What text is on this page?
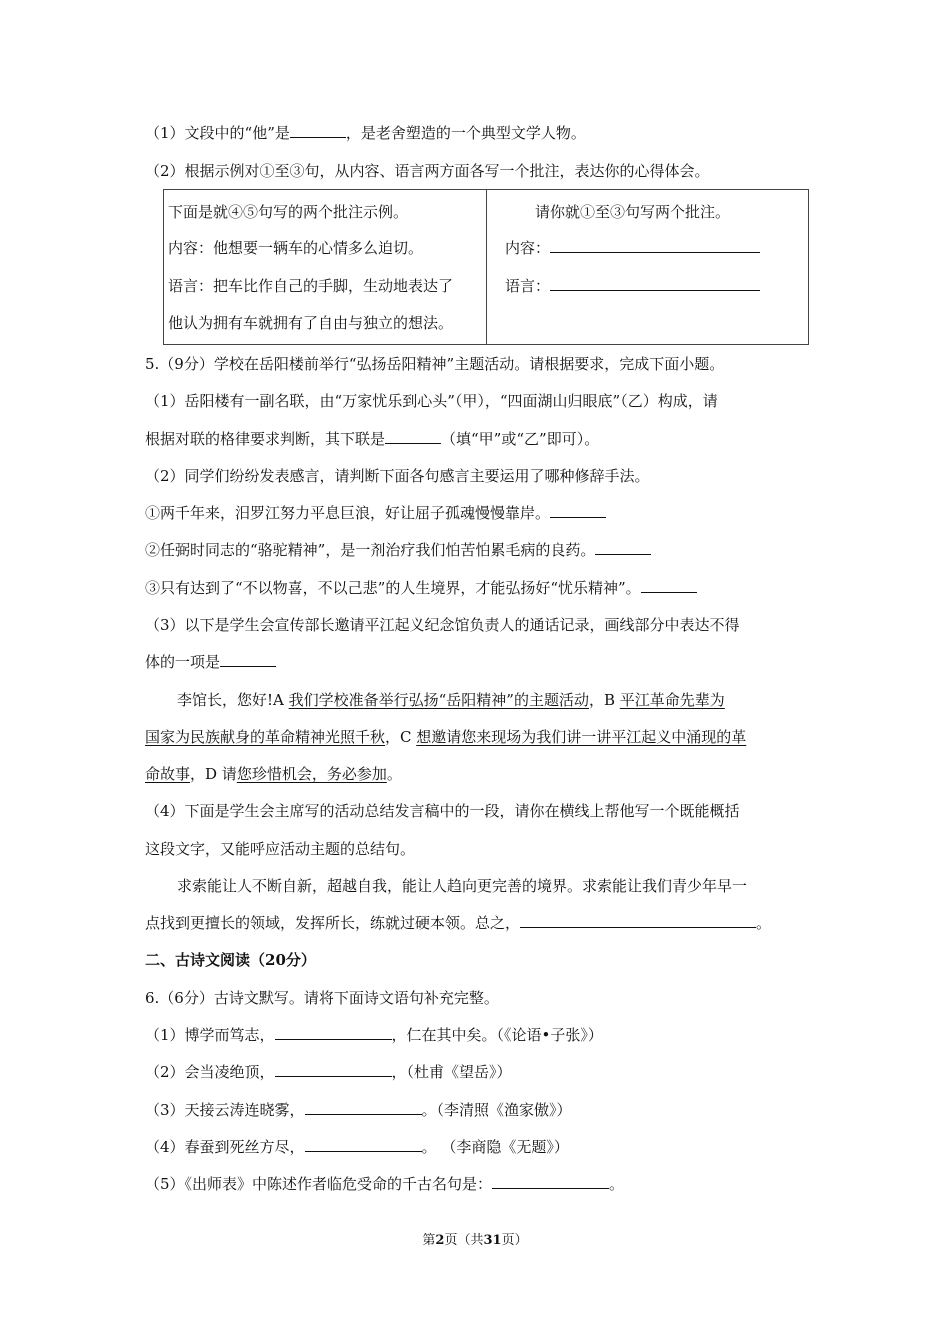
（1）文段中的“他”是	，是老舍塑造的一个典型文学人物。
（2）根据示例对①至③句，从内容、语言两方面各写一个批注，表达你的心得体会。
下面是就④⑤句写的两个批注示例。
内容：他想要一辆车的心情多么迫切。
语言：把车比作自己的手脚，生动地表达了
他认为拥有车就拥有了自由与独立的想法。

请你就①至③句写两个批注。
内容：
语言：
5.（9分）学校在岳阳楼前举行“弘扬岳阳精神”主题活动。请根据要求，完成下面小题。
（1）岳阳楼有一副名联，由“万家忧乐到心头”（甲），“四面湖山归眼底”（乙）构成，请
根据对联的格律要求判断，其下联是	（填“甲”或“乙”即可）。
（2）同学们纷纷发表感言，请判断下面各句感言主要运用了哪种修辞手法。
①两千年来，汨罗江努力平息巨浪，好让屈子孤魂慢慢靠岸。
②任弼时同志的“骆驼精神”，是一剂治疗我们怕苦怕累毛病的良药。
③只有达到了“不以物喜，不以己悲”的人生境界，才能弘扬好“忧乐精神”。
（3）以下是学生会宣传部长邀请平江起义纪念馆负责人的通话记录，画线部分中表达不得
体的一项是
李馆长，您好!A 我们学校准备举行弘扬“岳阳精神”的主题活动，B 平江革命先辈为
国家为民族献身的革命精神光照千秋，C 想邀请您来现场为我们讲一讲平江起义中涌现的革
命故事，D 请您珍惜机会，务必参加。
（4）下面是学生会主席写的活动总结发言稿中的一段，请你在横线上帮他写一个既能概括
这段文字，又能呼应活动主题的总结句。
求索能让人不断自新，超越自我，能让人趋向更完善的境界。求索能让我们青少年早一
点找到更擅长的领域，发挥所长，练就过硬本领。总之，	。
二、古诗文阅读（20分）
6.（6分）古诗文默写。请将下面诗文语句补充完整。
（1）博学而笃志，	，仁在其中矣。（《论语•子张》）
（2）会当凌绝顶，	，（杜甫《望岳》）
（3）天接云涛连晓雾，	。（李清照《渔家傲》）
（4）春蚕到死丝方尽，	。 （李商隐《无题》）
（5）《出师表》中陈述作者临危受命的千古名句是：	。
第2页（共31页）
